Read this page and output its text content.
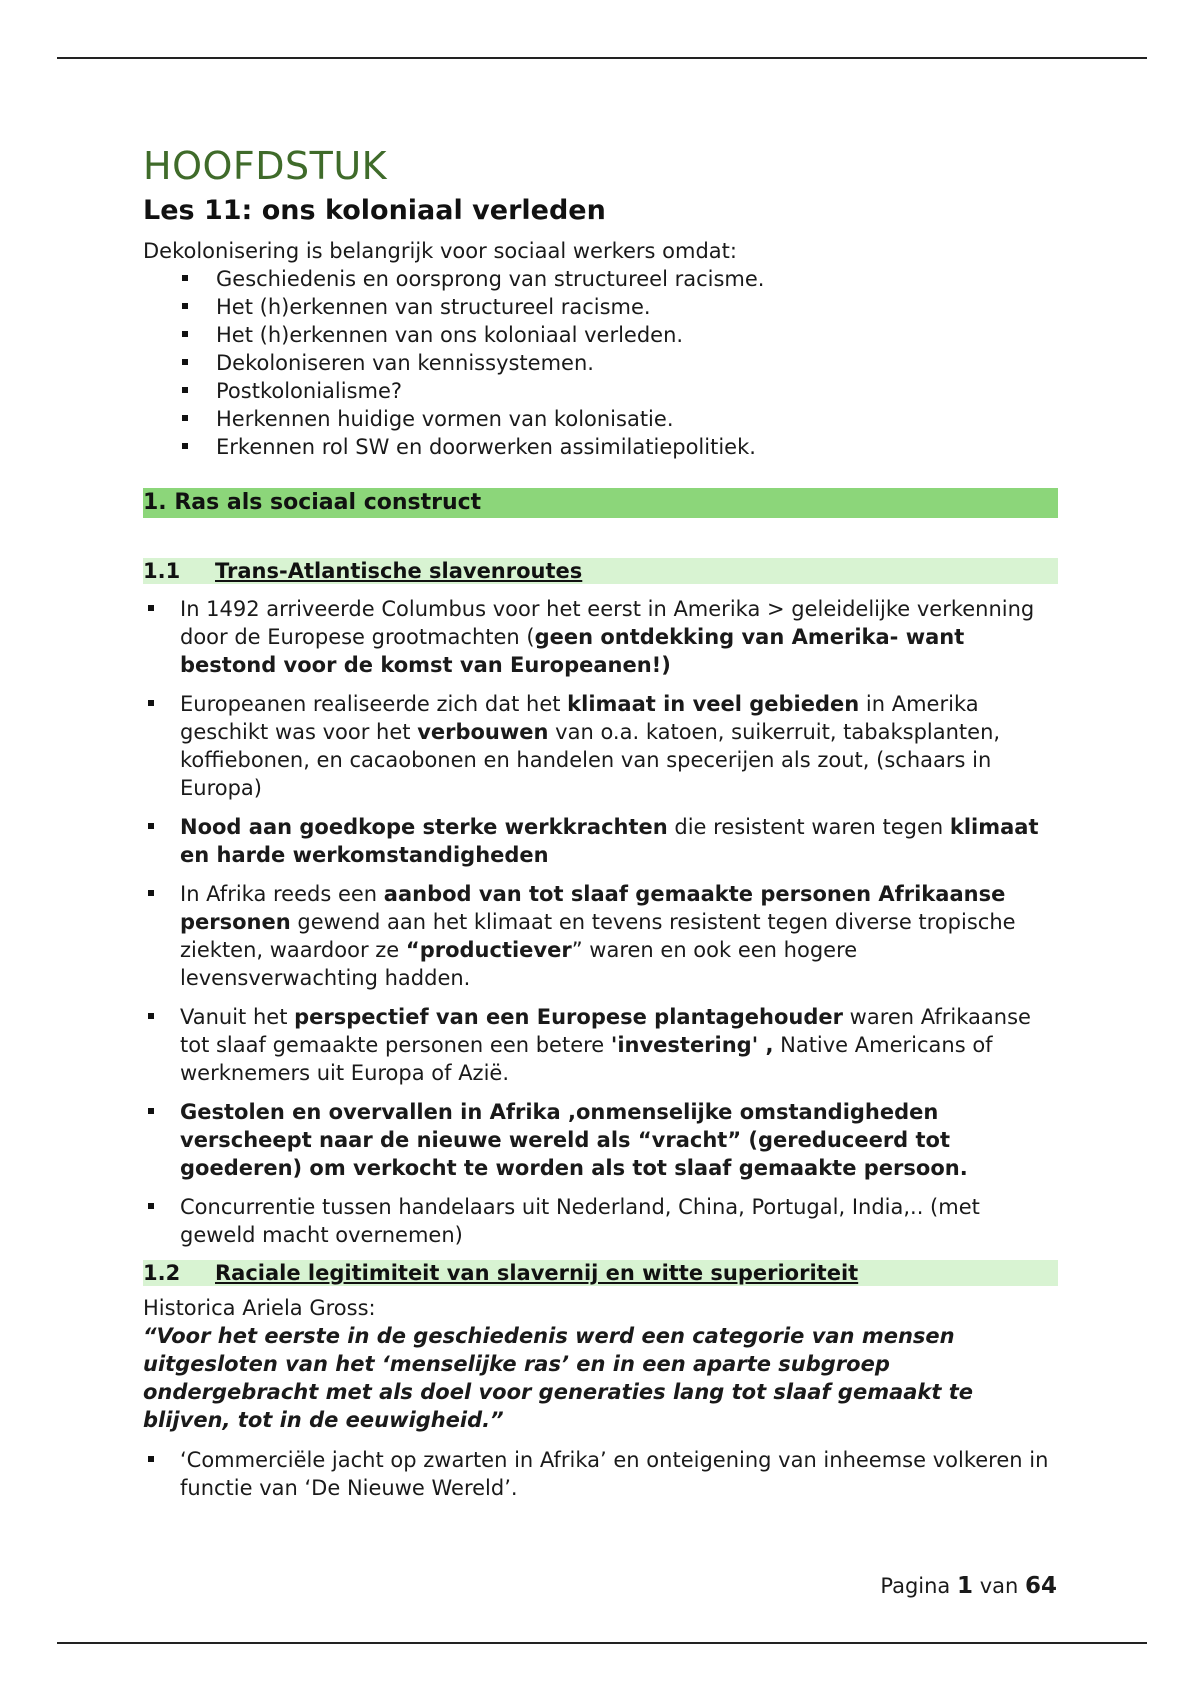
HOOFDSTUK
Les 11: ons koloniaal verleden
Dekolonisering is belangrijk voor sociaal werkers omdat:
Geschiedenis en oorsprong van structureel racisme.
Het (h)erkennen van structureel racisme.
Het (h)erkennen van ons koloniaal verleden.
Dekoloniseren van kennissystemen.
Postkolonialisme?
Herkennen huidige vormen van kolonisatie.
Erkennen rol SW en doorwerken assimilatiepolitiek.
1. Ras als sociaal construct
1.1 Trans-Atlantische slavenroutes
In 1492 arriveerde Columbus voor het eerst in Amerika > geleidelijke verkenning door de Europese grootmachten (geen ontdekking van Amerika- want bestond voor de komst van Europeanen!)
Europeanen realiseerde zich dat het klimaat in veel gebieden in Amerika geschikt was voor het verbouwen van o.a. katoen, suikerruit, tabaksplanten, koffiebonen, en cacaobonen en handelen van specerijen als zout, (schaars in Europa)
Nood aan goedkope sterke werkkrachten die resistent waren tegen klimaat en harde werkomstandigheden
In Afrika reeds een aanbod van tot slaaf gemaakte personen Afrikaanse personen gewend aan het klimaat en tevens resistent tegen diverse tropische ziekten, waardoor ze “productiever” waren en ook een hogere levensverwachting hadden.
Vanuit het perspectief van een Europese plantagehouder waren Afrikaanse tot slaaf gemaakte personen een betere 'investering' , Native Americans of werknemers uit Europa of Azië.
Gestolen en overvallen in Afrika ,onmenselijke omstandigheden verscheept naar de nieuwe wereld als “vracht” (gereduceerd tot goederen) om verkocht te worden als tot slaaf gemaakte persoon.
Concurrentie tussen handelaars uit Nederland, China, Portugal, India,.. (met geweld macht overnemen)
1.2 Raciale legitimiteit van slavernij en witte superioriteit
Historica Ariela Gross:
“Voor het eerste in de geschiedenis werd een categorie van mensen uitgesloten van het ‘menselijke ras’ en in een aparte subgroep ondergebracht met als doel voor generaties lang tot slaaf gemaakt te blijven, tot in de eeuwigheid.”
‘Commerciële jacht op zwarten in Afrika’ en onteigening van inheemse volkeren in functie van ‘De Nieuwe Wereld’.
Pagina 1 van 64
